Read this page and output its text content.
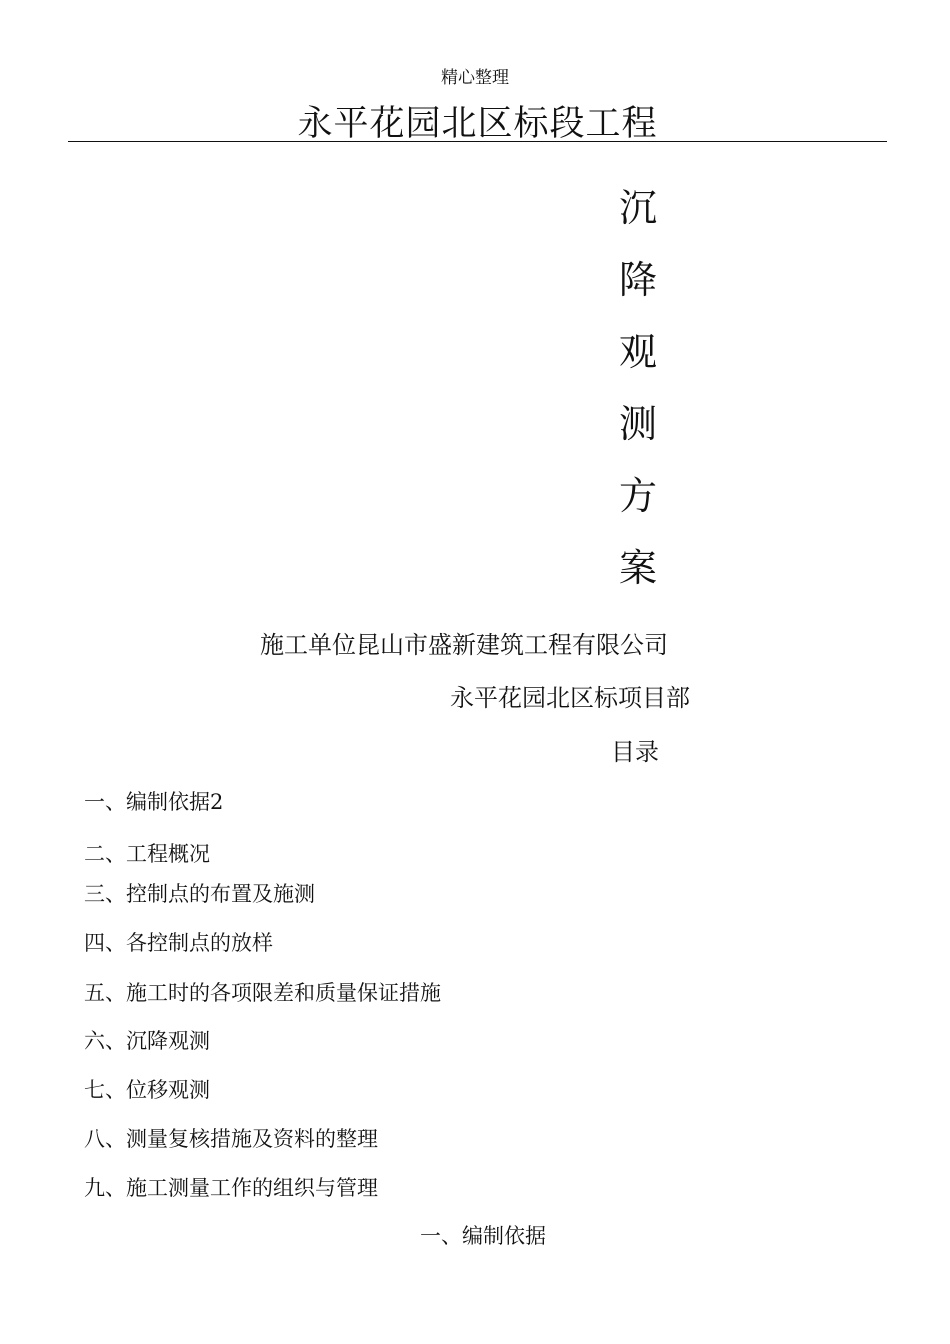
精心整理
永平花园北区标段工程
沉
降
观
测
方
案
施工单位昆山市盛新建筑工程有限公司
永平花园北区标项目部
目录
一、编制依据2
二、工程概况
三、控制点的布置及施测
四、各控制点的放样
五、施工时的各项限差和质量保证措施
六、沉降观测
七、位移观测
八、测量复核措施及资料的整理
九、施工测量工作的组织与管理
一、编制依据
